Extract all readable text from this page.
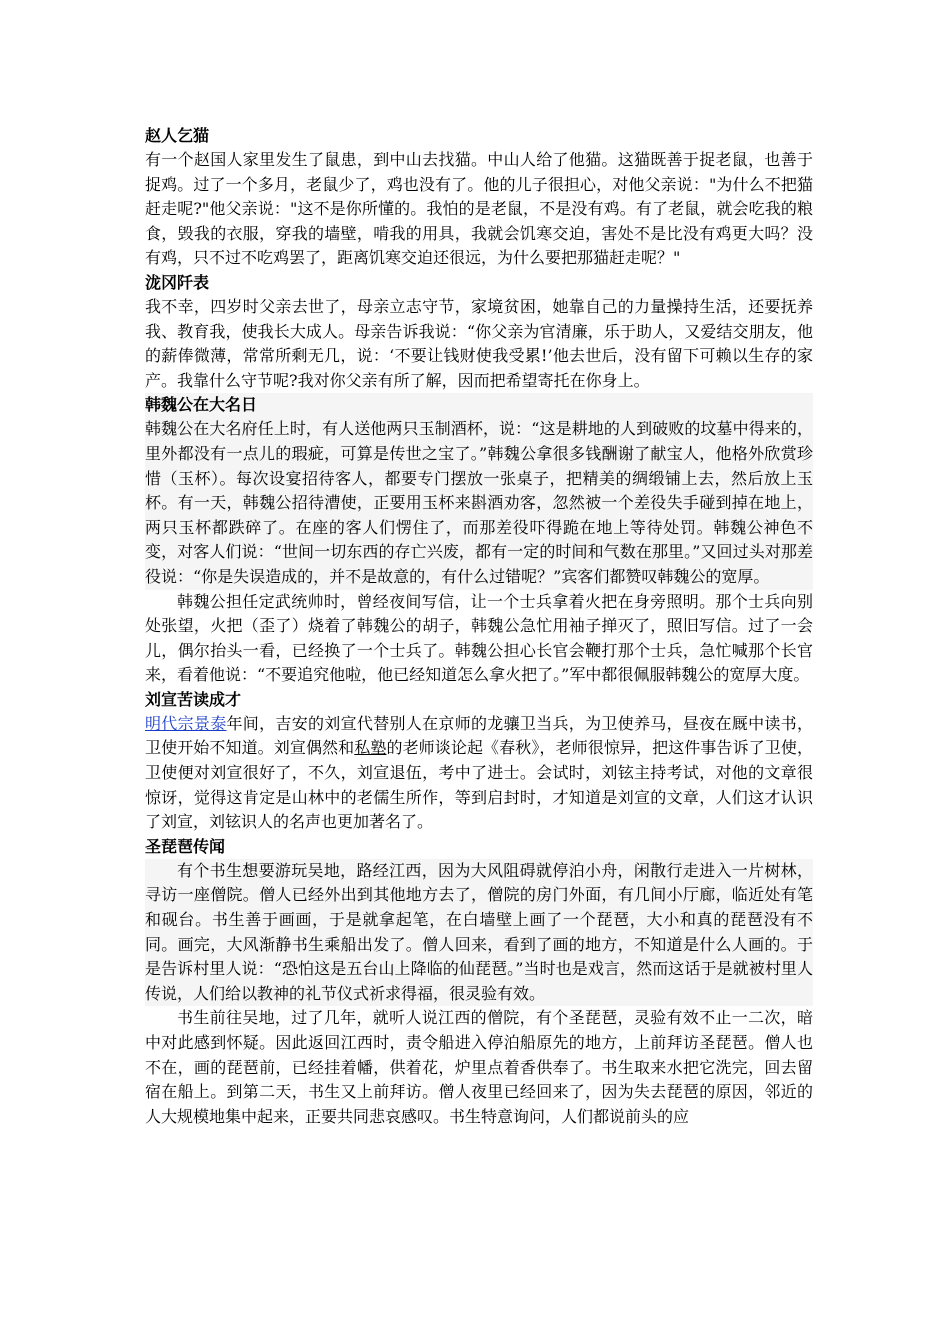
赵人乞猫

有一个赵国人家里发生了鼠患，到中山去找猫。中山人给了他猫。这猫既善于捉老鼠，也善于捉鸡。过了一个多月，老鼠少了，鸡也没有了。他的儿子很担心，对他父亲说："为什么不把猫赶走呢?"他父亲说："这不是你所懂的。我怕的是老鼠，不是没有鸡。有了老鼠，就会吃我的粮食，毁我的衣服，穿我的墙壁，啃我的用具，我就会饥寒交迫，害处不是比没有鸡更大吗？没有鸡，只不过不吃鸡罢了，距离饥寒交迫还很远，为什么要把那猫赶走呢？"

泷冈阡表

我不幸，四岁时父亲去世了，母亲立志守节，家境贫困，她靠自己的力量操持生活，还要抚养我、教育我，使我长大成人。母亲告诉我说：“你父亲为官清廉，乐于助人，又爱结交朋友，他的薪俸微薄，常常所剩无几，说：‘不要让钱财使我受累!’他去世后，没有留下可赖以生存的家产。我靠什么守节呢?我对你父亲有所了解，因而把希望寄托在你身上。

韩魏公在大名日

韩魏公在大名府任上时，有人送他两只玉制酒杯，说：“这是耕地的人到破败的坟墓中得来的，里外都没有一点儿的瑕疵，可算是传世之宝了。”韩魏公拿很多钱酬谢了献宝人，他格外欣赏珍惜（玉杯）。每次设宴招待客人，都要专门摆放一张桌子，把精美的绸缎铺上去，然后放上玉杯。有一天，韩魏公招待漕使，正要用玉杯来斟酒劝客，忽然被一个差役失手碰到掉在地上，两只玉杯都跌碎了。在座的客人们愣住了，而那差役吓得跪在地上等待处罚。韩魏公神色不变，对客人们说：“世间一切东西的存亡兴废，都有一定的时间和气数在那里。”又回过头对那差役说：“你是失误造成的，并不是故意的，有什么过错呢？”宾客们都赞叹韩魏公的宽厚。

韩魏公担任定武统帅时，曾经夜间写信，让一个士兵拿着火把在身旁照明。那个士兵向别处张望，火把（歪了）烧着了韩魏公的胡子，韩魏公急忙用袖子掸灭了，照旧写信。过了一会儿，偶尔抬头一看，已经换了一个士兵了。韩魏公担心长官会鞭打那个士兵，急忙喊那个长官来，看着他说：“不要追究他啦，他已经知道怎么拿火把了。”军中都很佩服韩魏公的宽厚大度。

刘宣苦读成才

明代宗景泰年间，吉安的刘宣代替别人在京师的龙骧卫当兵，为卫使养马，昼夜在厩中读书，卫使开始不知道。刘宣偶然和私塾的老师谈论起《春秋》，老师很惊异，把这件事告诉了卫使，卫使便对刘宣很好了，不久，刘宣退伍，考中了进士。会试时，刘铉主持考试，对他的文章很惊讶，觉得这肯定是山林中的老儒生所作，等到启封时，才知道是刘宣的文章，人们这才认识了刘宣，刘铉识人的名声也更加著名了。

圣琵琶传闻

有个书生想要游玩吴地，路经江西，因为大风阻碍就停泊小舟，闲散行走进入一片树林，寻访一座僧院。僧人已经外出到其他地方去了，僧院的房门外面，有几间小厅廊，临近处有笔和砚台。书生善于画画，于是就拿起笔，在白墙壁上画了一个琵琶，大小和真的琵琶没有不同。画完，大风渐静书生乘船出发了。僧人回来，看到了画的地方，不知道是什么人画的。于是告诉村里人说：“恐怕这是五台山上降临的仙琵琶。”当时也是戏言，然而这话于是就被村里人传说，人们给以教神的礼节仪式祈求得福，很灵验有效。

书生前往吴地，过了几年，就听人说江西的僧院，有个圣琵琶，灵验有效不止一二次，暗中对此感到怀疑。因此返回江西时，责令船进入停泊船原先的地方，上前拜访圣琵琶。僧人也不在，画的琵琶前，已经挂着幡，供着花，炉里点着香供奉了。书生取来水把它洗完，回去留宿在船上。到第二天，书生又上前拜访。僧人夜里已经回来了，因为失去琵琶的原因，邻近的人大规模地集中起来，正要共同悲哀感叹。书生特意询问，人们都说前头的应
